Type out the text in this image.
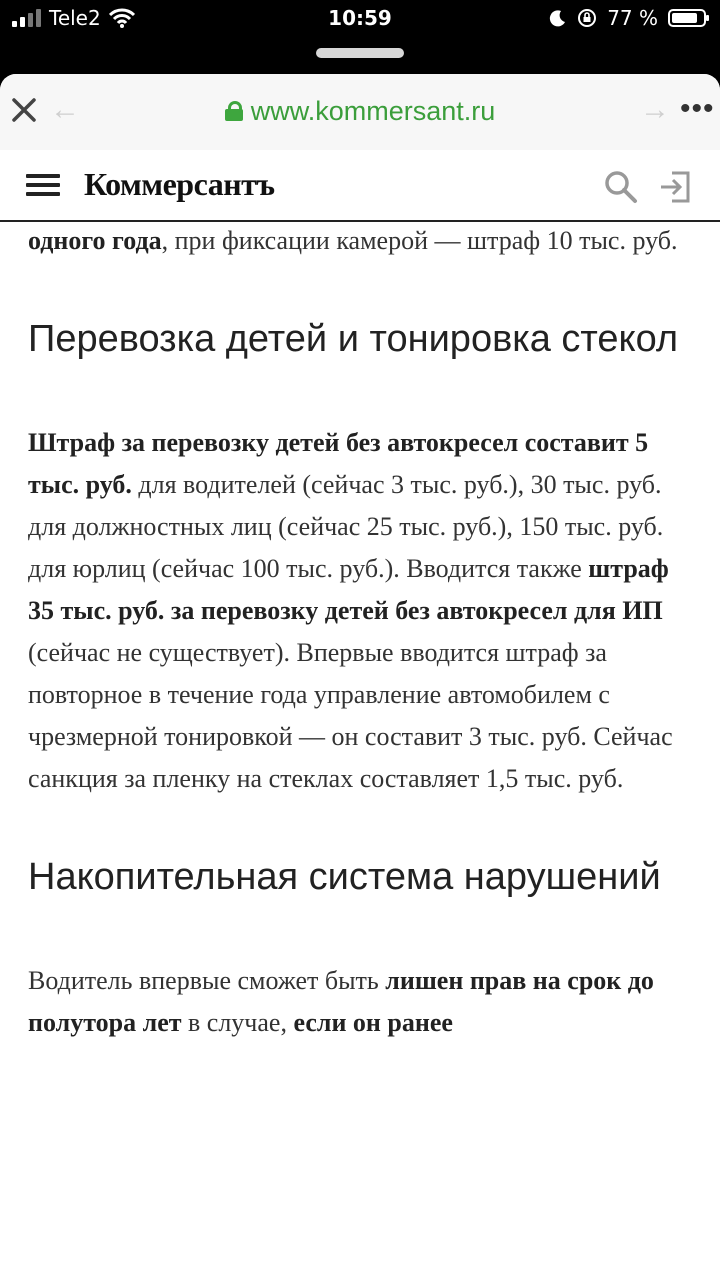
Tele2	10:59	77 %
←	www.kommersant.ru	→ •••
Коммерсантъ

одного года, при фиксации камерой — штраф 10 тыс. руб.

Перевозка детей и тонировка стекол

Штраф за перевозку детей без автокресел составит 5 тыс. руб. для водителей (сейчас 3 тыс. руб.), 30 тыс. руб. для должностных лиц (сейчас 25 тыс. руб.), 150 тыс. руб. для юрлиц (сейчас 100 тыс. руб.). Вводится также штраф 35 тыс. руб. за перевозку детей без автокресел для ИП (сейчас не существует). Впервые вводится штраф за повторное в течение года управление автомобилем с чрезмерной тонировкой — он составит 3 тыс. руб. Сейчас санкция за пленку на стеклах составляет 1,5 тыс. руб.

Накопительная система нарушений

Водитель впервые сможет быть лишен прав на срок до полутора лет в случае, если он ранее
